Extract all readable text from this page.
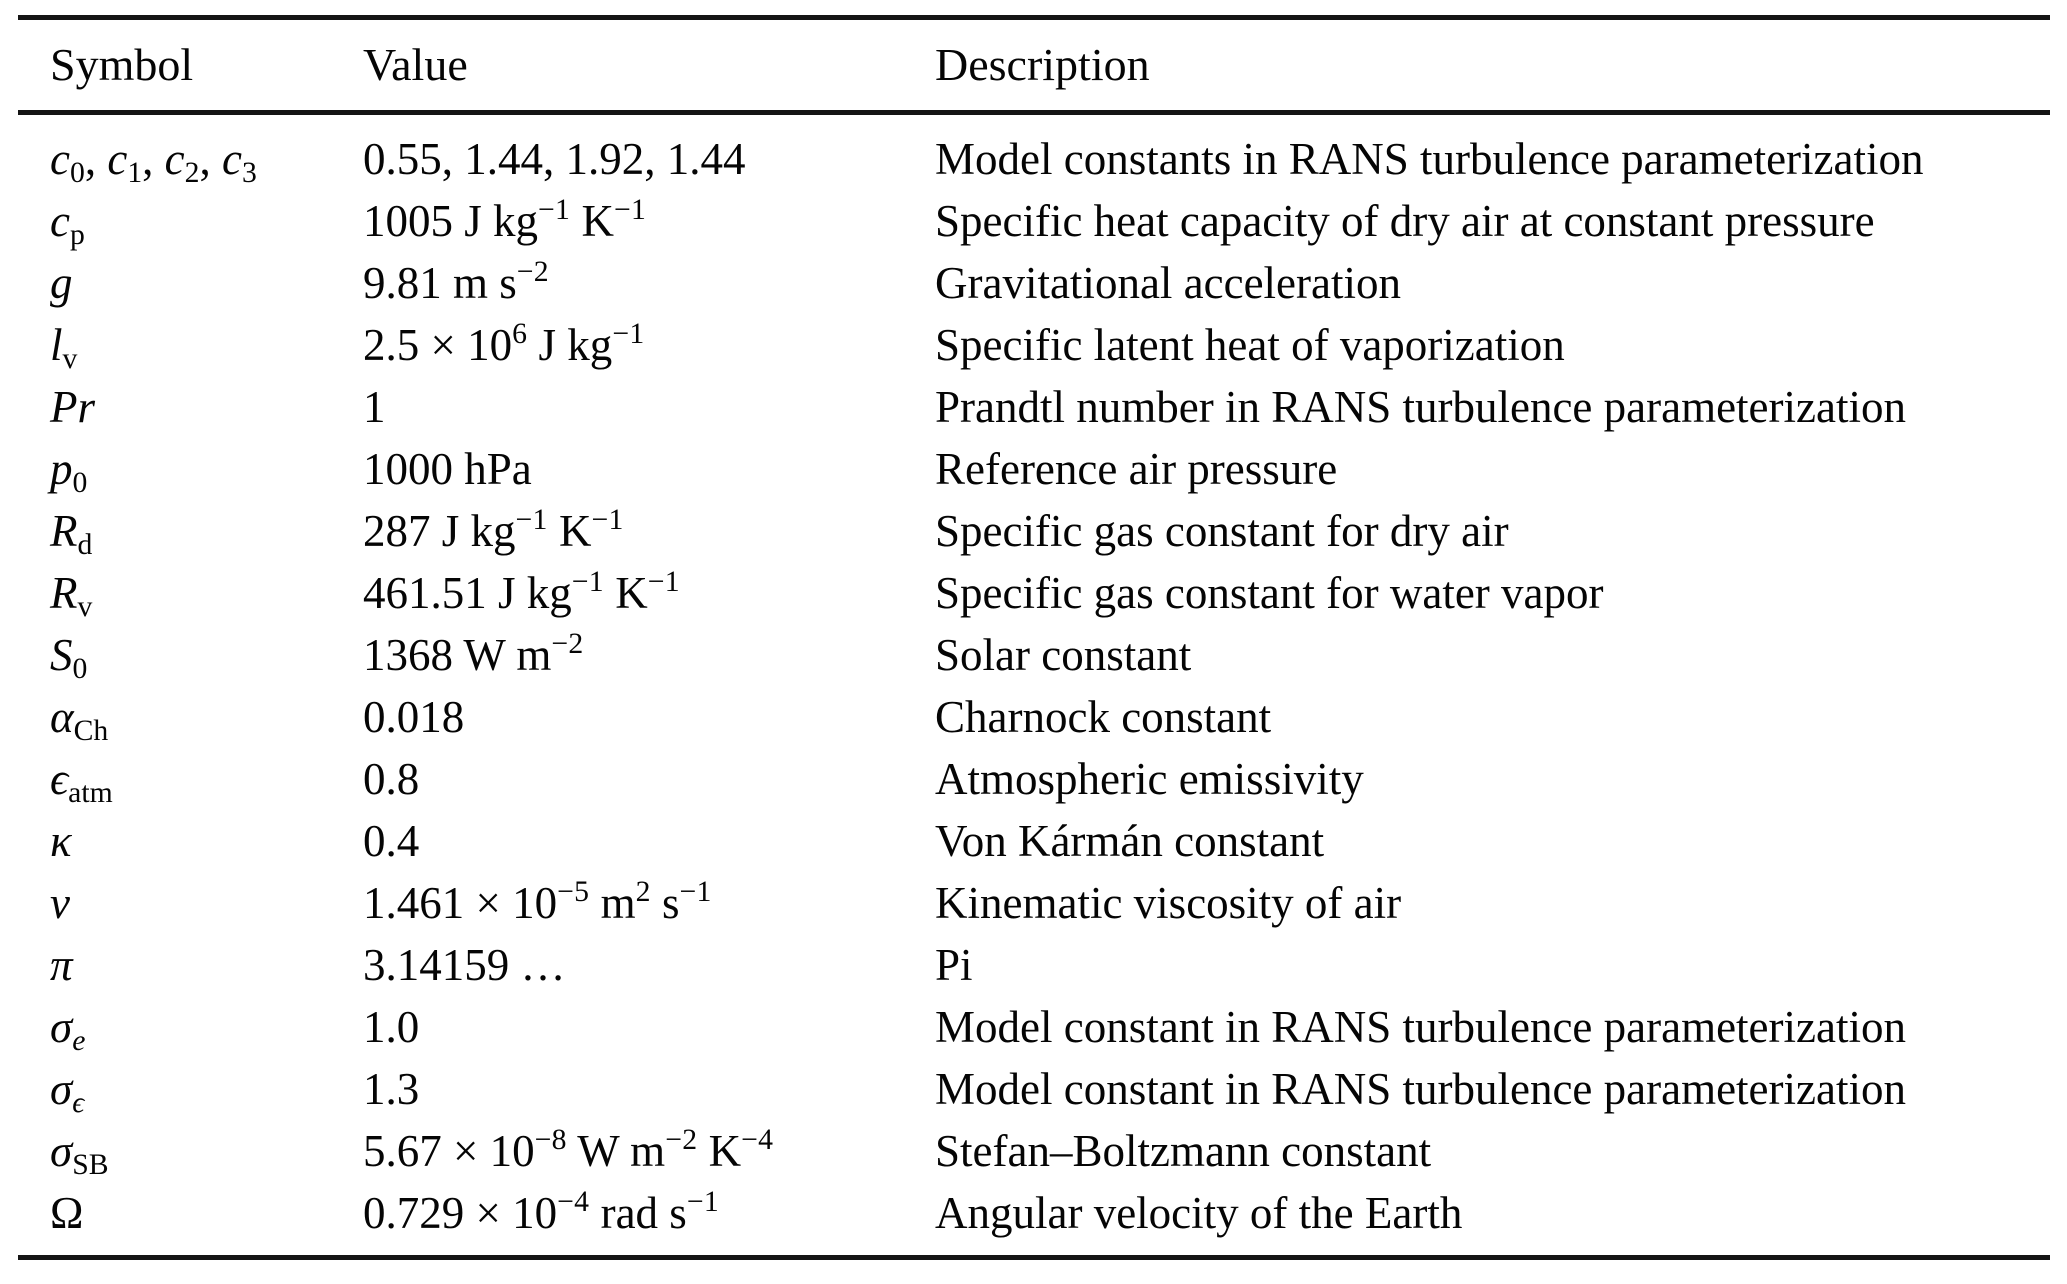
Symbol	Value	Description
$c_0$, $c_1$, $c_2$, $c_3$	0.55, 1.44, 1.92, 1.44	Model constants in RANS turbulence parameterization
$c_p$	1005 J $kg^{-1}$ $K^{-1}$	Specific heat capacity of dry air at constant pressure
g	9.81 m $s^{-2}$	Gravitational acceleration
$l_v$	$2.5 \times 10^6$ J $kg^{-1}$	Specific latent heat of vaporization
Pr	1	Prandtl number in RANS turbulence parameterization
$p_0$	1000 hPa	Reference air pressure
$R_d$	287 J $kg^{-1}$ $K^{-1}$	Specific gas constant for dry air
$R_v$	461.51 J $kg^{-1}$ $K^{-1}$	Specific gas constant for water vapor
$S_0$	1368 W $m^{-2}$	Solar constant
$\alpha_{Ch}$	0.018	Charnock constant
$\epsilon_{atm}$	0.8	Atmospheric emissivity
κ	0.4	Von Kármán constant
ν	$1.461 \times 10^{-5}$ $m^2$ $s^{-1}$	Kinematic viscosity of air
π	3.14159 …	Pi
$\sigma_e$	1.0	Model constant in RANS turbulence parameterization
$\sigma_\epsilon$	1.3	Model constant in RANS turbulence parameterization
$\sigma_{SB}$	$5.67 \times 10^{-8}$ W $m^{-2}$ $K^{-4}$	Stefan–Boltzmann constant
Ω	$0.729 \times 10^{-4}$ rad $s^{-1}$	Angular velocity of the Earth
